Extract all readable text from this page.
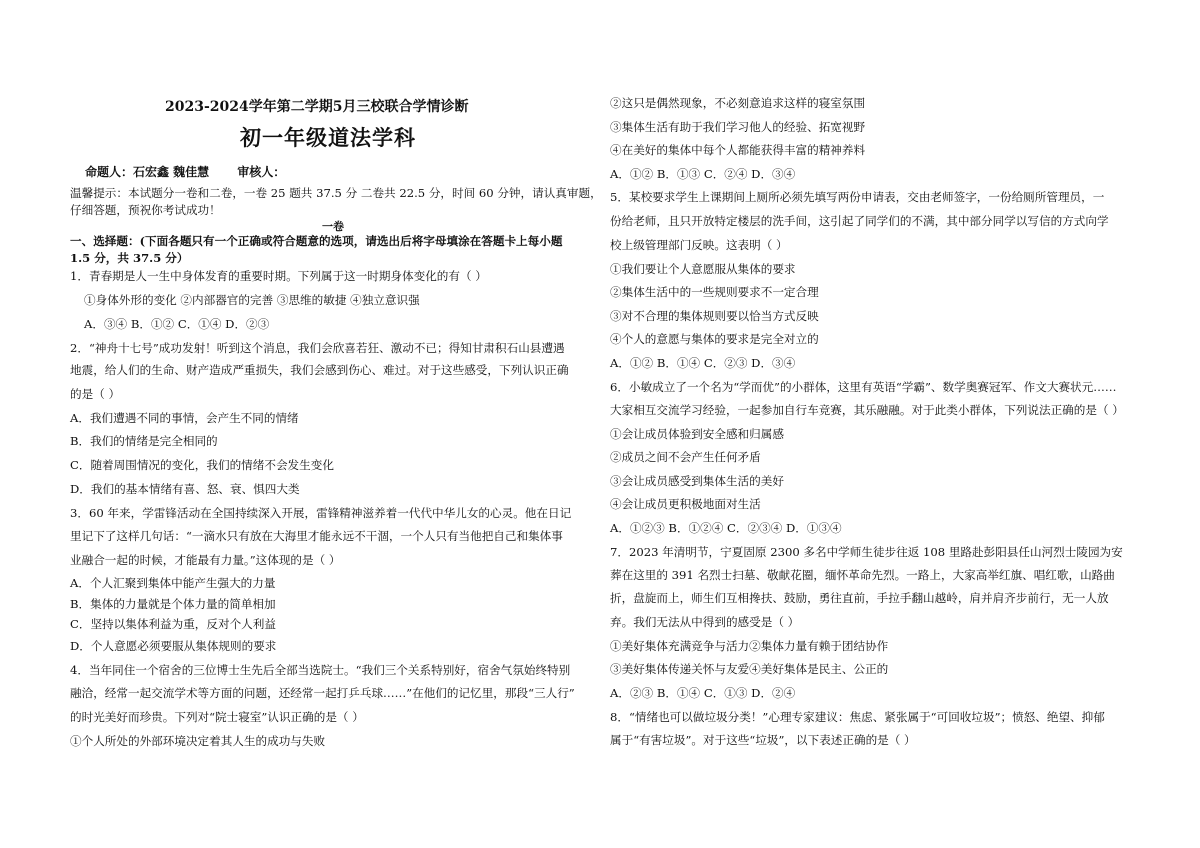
2023-2024学年第二学期5月三校联合学情诊断
初一年级道法学科
命题人：石宏鑫 魏佳慧 审核人：
温馨提示：本试题分一卷和二卷，一卷 25 题共 37.5 分 二卷共 22.5 分，时间 60 分钟，请认真审题，
仔细答题，预祝你考试成功！
一卷
一、选择题：(下面各题只有一个正确或符合题意的选项，请选出后将字母填涂在答题卡上每小题
1.5 分，共 37.5 分）
1．青春期是人一生中身体发育的重要时期。下列属于这一时期身体变化的有（ ）
①身体外形的变化 ②内部器官的完善 ③思维的敏捷 ④独立意识强
A．③④ B．①② C．①④ D．②③
2．“神舟十七号”成功发射！听到这个消息，我们会欣喜若狂、激动不已；得知甘肃积石山县遭遇
地震，给人们的生命、财产造成严重损失，我们会感到伤心、难过。对于这些感受，下列认识正确
的是（ ）
A．我们遭遇不同的事情，会产生不同的情绪
B．我们的情绪是完全相同的
C．随着周围情况的变化，我们的情绪不会发生变化
D．我们的基本情绪有喜、怒、衰、惧四大类
3．60 年来，学雷锋活动在全国持续深入开展，雷锋精神滋养着一代代中华儿女的心灵。他在日记
里记下了这样几句话：“一滴水只有放在大海里才能永远不干涸，一个人只有当他把自己和集体事
业融合一起的时候，才能最有力量。”这体现的是（ ）
A．个人汇聚到集体中能产生强大的力量
B．集体的力量就是个体力量的简单相加
C．坚持以集体利益为重，反对个人利益
D．个人意愿必须要服从集体规则的要求
4．当年同住一个宿舍的三位博士生先后全部当选院士。“我们三个关系特别好，宿舍气氛始终特别
融洽，经常一起交流学术等方面的问题，还经常一起打乒乓球……”在他们的记忆里，那段“三人行”
的时光美好而珍贵。下列对“院士寝室”认识正确的是（ ）
①个人所处的外部环境决定着其人生的成功与失败
②这只是偶然现象，不必刻意追求这样的寝室氛围
③集体生活有助于我们学习他人的经验、拓宽视野
④在美好的集体中每个人都能获得丰富的精神养料
A．①② B．①③ C．②④ D．③④
5．某校要求学生上课期间上厕所必须先填写两份申请表，交由老师签字，一份给厕所管理员，一
份给老师，且只开放特定楼层的洗手间，这引起了同学们的不满，其中部分同学以写信的方式向学
校上级管理部门反映。这表明（ ）
①我们要让个人意愿服从集体的要求
②集体生活中的一些规则要求不一定合理
③对不合理的集体规则要以恰当方式反映
④个人的意愿与集体的要求是完全对立的
A．①② B．①④ C．②③ D．③④
6．小敏成立了一个名为“学而优”的小群体，这里有英语“学霸”、数学奥赛冠军、作文大赛状元……
大家相互交流学习经验，一起参加自行车竞赛，其乐融融。对于此类小群体，下列说法正确的是（ ）
①会让成员体验到安全感和归属感
②成员之间不会产生任何矛盾
③会让成员感受到集体生活的美好
④会让成员更积极地面对生活
A．①②③ B．①②④ C．②③④ D．①③④
7．2023 年清明节，宁夏固原 2300 多名中学师生徒步往返 108 里路赴彭阳县任山河烈士陵园为安
葬在这里的 391 名烈士扫墓、敬献花圈，缅怀革命先烈。一路上，大家高举红旗、唱红歌，山路曲
折，盘旋而上，师生们互相搀扶、鼓励，勇往直前，手拉手翻山越岭，肩并肩齐步前行，无一人放
弃。我们无法从中得到的感受是（ ）
①美好集体充满竞争与活力②集体力量有赖于团结协作
③美好集体传递关怀与友爱④美好集体是民主、公正的
A．②③ B．①④ C．①③ D．②④
8．“情绪也可以做垃圾分类！”心理专家建议：焦虑、紧张属于“可回收垃圾”；愤怒、绝望、抑郁
属于“有害垃圾”。对于这些“垃圾”，以下表述正确的是（ ）
